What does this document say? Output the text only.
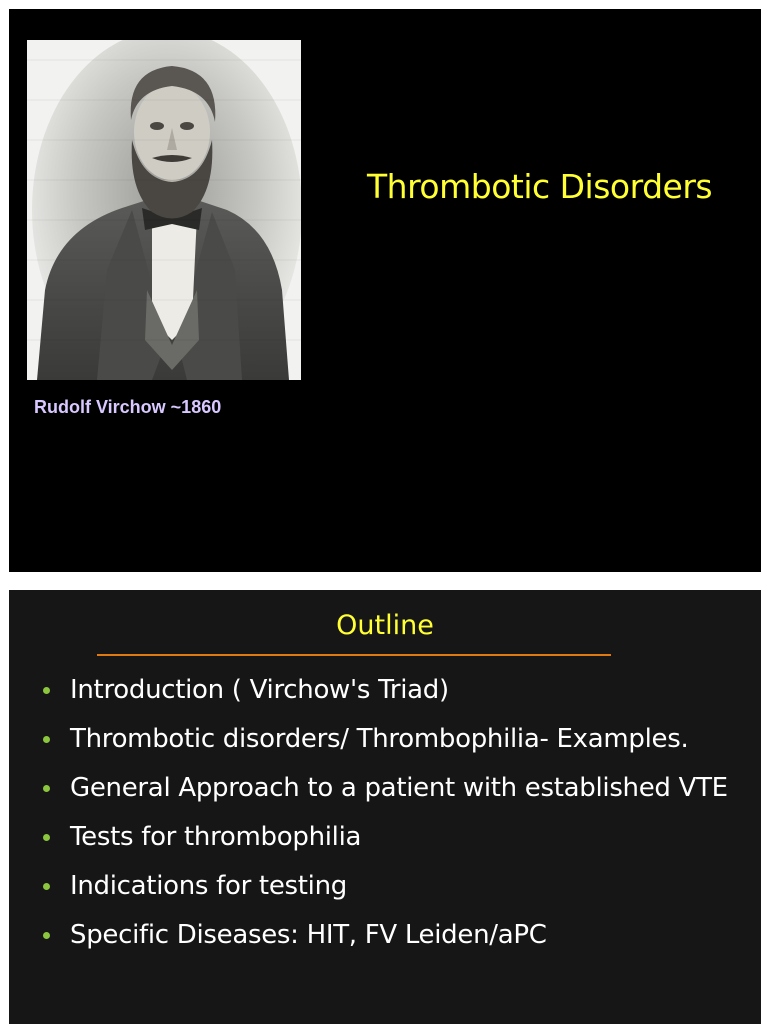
Rudolf Virchow ~1860
Thrombotic Disorders
Outline
Introduction ( Virchow's Triad)
Thrombotic disorders/ Thrombophilia- Examples.
General Approach to a patient with established VTE
Tests for thrombophilia
Indications for testing
Specific Diseases: HIT, FV Leiden/aPC
